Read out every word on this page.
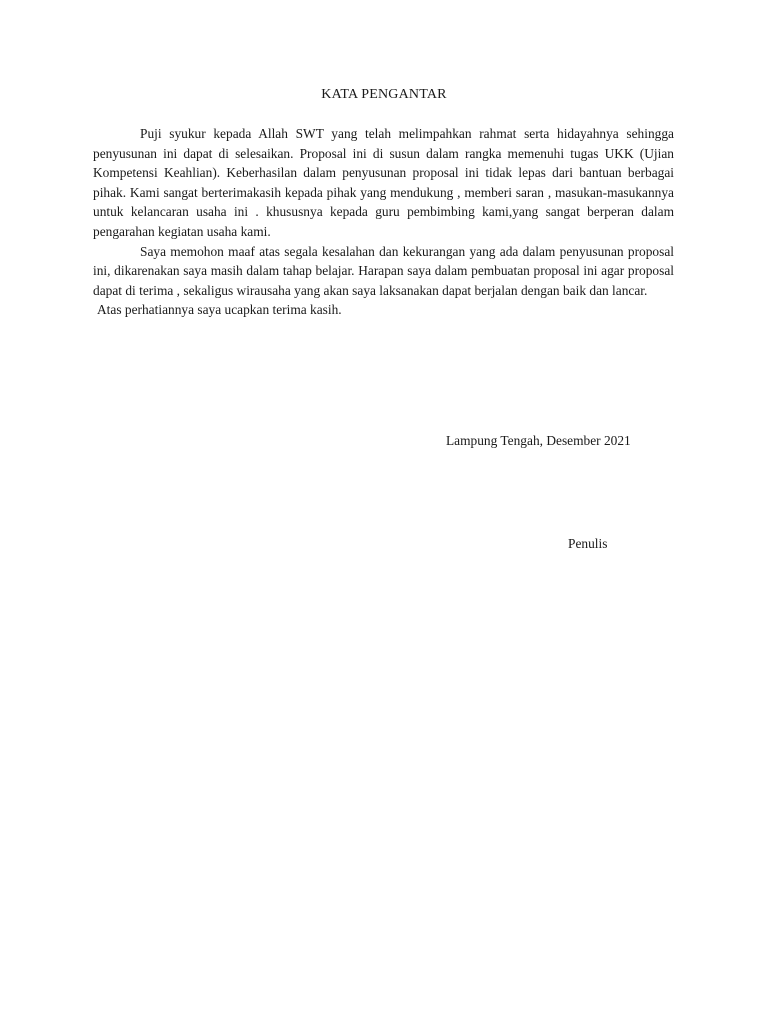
KATA PENGANTAR

Puji syukur kepada Allah SWT yang telah melimpahkan rahmat serta hidayahnya sehingga penyusunan ini dapat di selesaikan. Proposal ini di susun dalam rangka memenuhi tugas UKK (Ujian Kompetensi Keahlian). Keberhasilan dalam penyusunan proposal ini tidak lepas dari bantuan berbagai pihak. Kami sangat berterimakasih kepada pihak yang mendukung , memberi saran , masukan-masukannya untuk kelancaran usaha ini . khususnya kepada guru pembimbing kami,yang sangat berperan dalam pengarahan kegiatan usaha kami.

Saya memohon maaf atas segala kesalahan dan kekurangan yang ada dalam penyusunan proposal ini, dikarenakan saya masih dalam tahap belajar. Harapan saya dalam pembuatan proposal ini agar proposal dapat di terima , sekaligus wirausaha yang akan saya laksanakan dapat berjalan dengan baik dan lancar.

Atas perhatiannya saya ucapkan terima kasih.

Lampung Tengah, Desember 2021
Penulis
